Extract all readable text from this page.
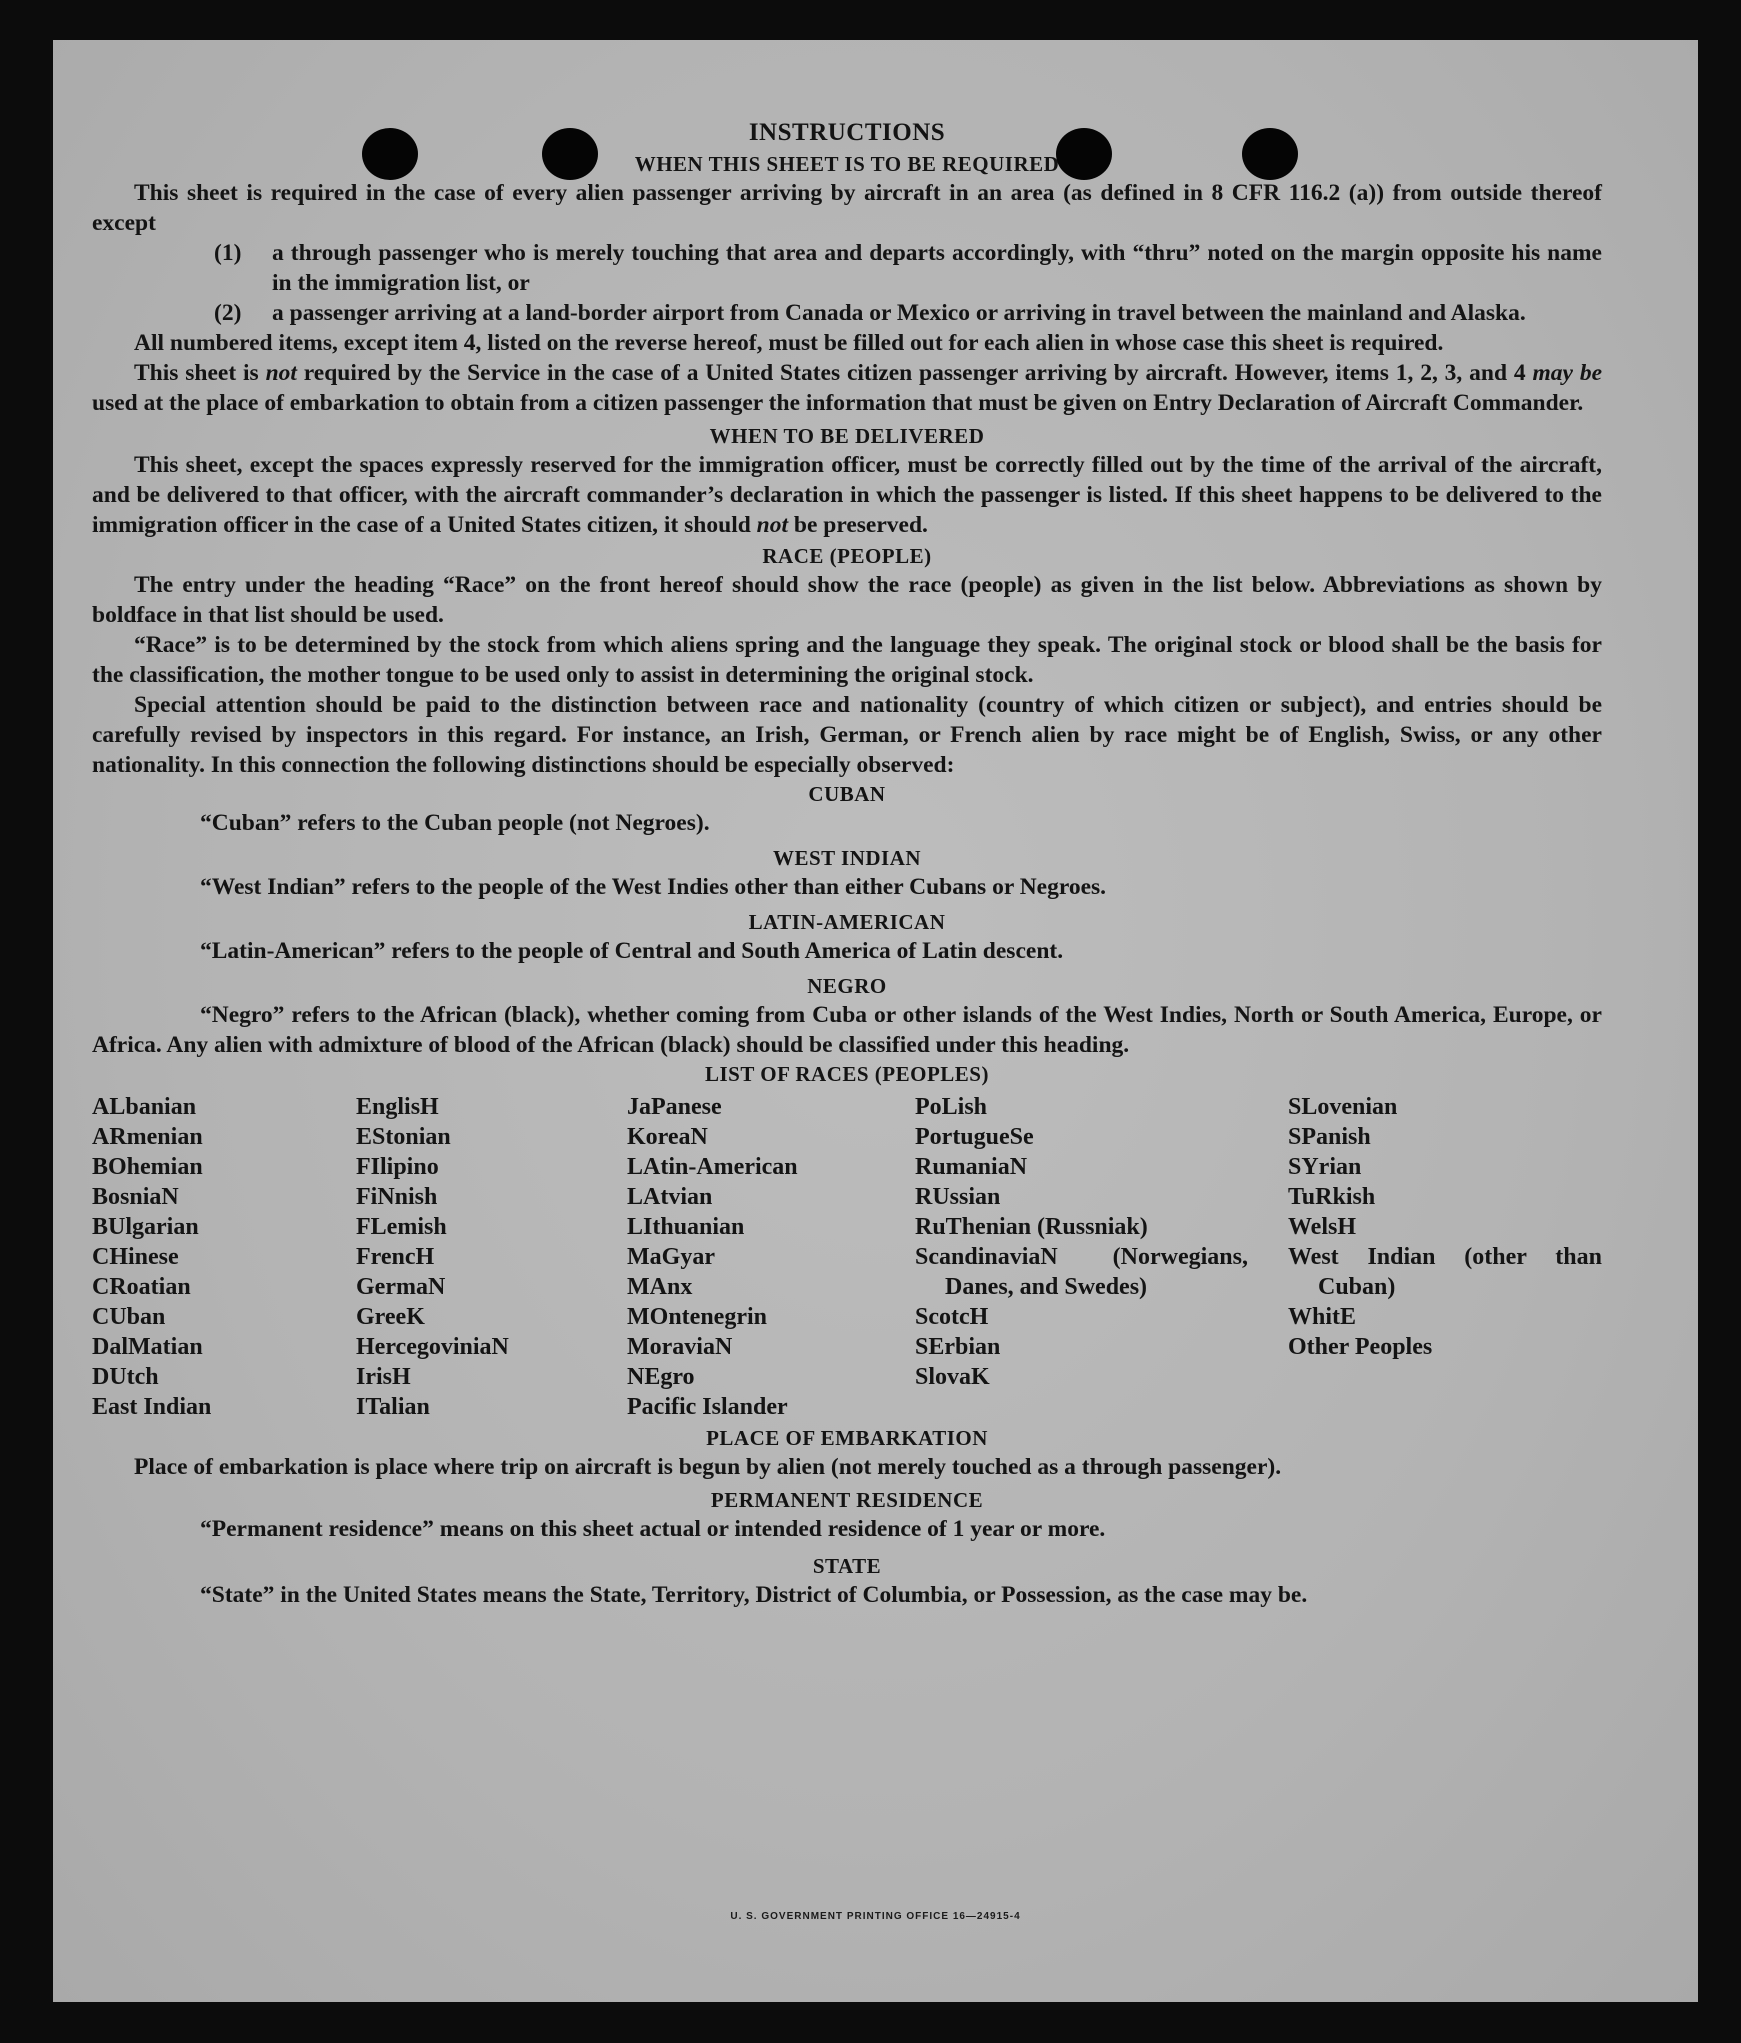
U. S. GOVERNMENT PRINTING OFFICE 16—24915-4
INSTRUCTIONS
WHEN THIS SHEET IS TO BE REQUIRED

This sheet is required in the case of every alien passenger arriving by aircraft in an area (as defined in 8 CFR 116.2 (a)) from outside thereof except

(1)	a through passenger who is merely touching that area and departs accordingly, with “thru” noted on the margin opposite his name in the immigration list, or
(2)	a passenger arriving at a land-border airport from Canada or Mexico or arriving in travel between the mainland and Alaska.

All numbered items, except item 4, listed on the reverse hereof, must be filled out for each alien in whose case this sheet is required.

This sheet is not required by the Service in the case of a United States citizen passenger arriving by aircraft. However, items 1, 2, 3, and 4 may be used at the place of embarkation to obtain from a citizen passenger the information that must be given on Entry Declaration of Aircraft Commander.

WHEN TO BE DELIVERED

This sheet, except the spaces expressly reserved for the immigration officer, must be correctly filled out by the time of the arrival of the aircraft, and be delivered to that officer, with the aircraft commander’s declaration in which the passenger is listed. If this sheet happens to be delivered to the immigration officer in the case of a United States citizen, it should not be preserved.

RACE (PEOPLE)

The entry under the heading “Race” on the front hereof should show the race (people) as given in the list below. Abbreviations as shown by boldface in that list should be used.

“Race” is to be determined by the stock from which aliens spring and the language they speak. The original stock or blood shall be the basis for the classification, the mother tongue to be used only to assist in determining the original stock.

Special attention should be paid to the distinction between race and nationality (country of which citizen or subject), and entries should be carefully revised by inspectors in this regard. For instance, an Irish, German, or French alien by race might be of English, Swiss, or any other nationality. In this connection the following distinctions should be especially observed:

CUBAN

“Cuban” refers to the Cuban people (not Negroes).

WEST INDIAN

“West Indian” refers to the people of the West Indies other than either Cubans or Negroes.

LATIN-AMERICAN

“Latin-American” refers to the people of Central and South America of Latin descent.

NEGRO

“Negro” refers to the African (black), whether coming from Cuba or other islands of the West Indies, North or South America, Europe, or Africa. Any alien with admixture of blood of the African (black) should be classified under this heading.

LIST OF RACES (PEOPLES)
ALbanian
ARmenian
BOhemian
BosniaN
BUlgarian
CHinese
CRoatian
CUban
DalMatian
DUtch
East Indian
EnglisH
EStonian
FIlipino
FiNnish
FLemish
FrencH
GermaN
GreeK
HercegoviniaN
IrisH
ITalian
JaPanese
KoreaN
LAtin-American
LAtvian
LIthuanian
MaGyar
MAnx
MOntenegrin
MoraviaN
NEgro
Pacific Islander
PoLish
PortugueSe
RumaniaN
RUssian
RuThenian (Russniak)
ScandinaviaN (Norwegians, Danes, and Swedes)
ScotcH
SErbian
SlovaK
SLovenian
SPanish
SYrian
TuRkish
WelsH
West Indian (other than Cuban)
WhitE
Other Peoples
PLACE OF EMBARKATION

Place of embarkation is place where trip on aircraft is begun by alien (not merely touched as a through passenger).

PERMANENT RESIDENCE

“Permanent residence” means on this sheet actual or intended residence of 1 year or more.

STATE

“State” in the United States means the State, Territory, District of Columbia, or Possession, as the case may be.
